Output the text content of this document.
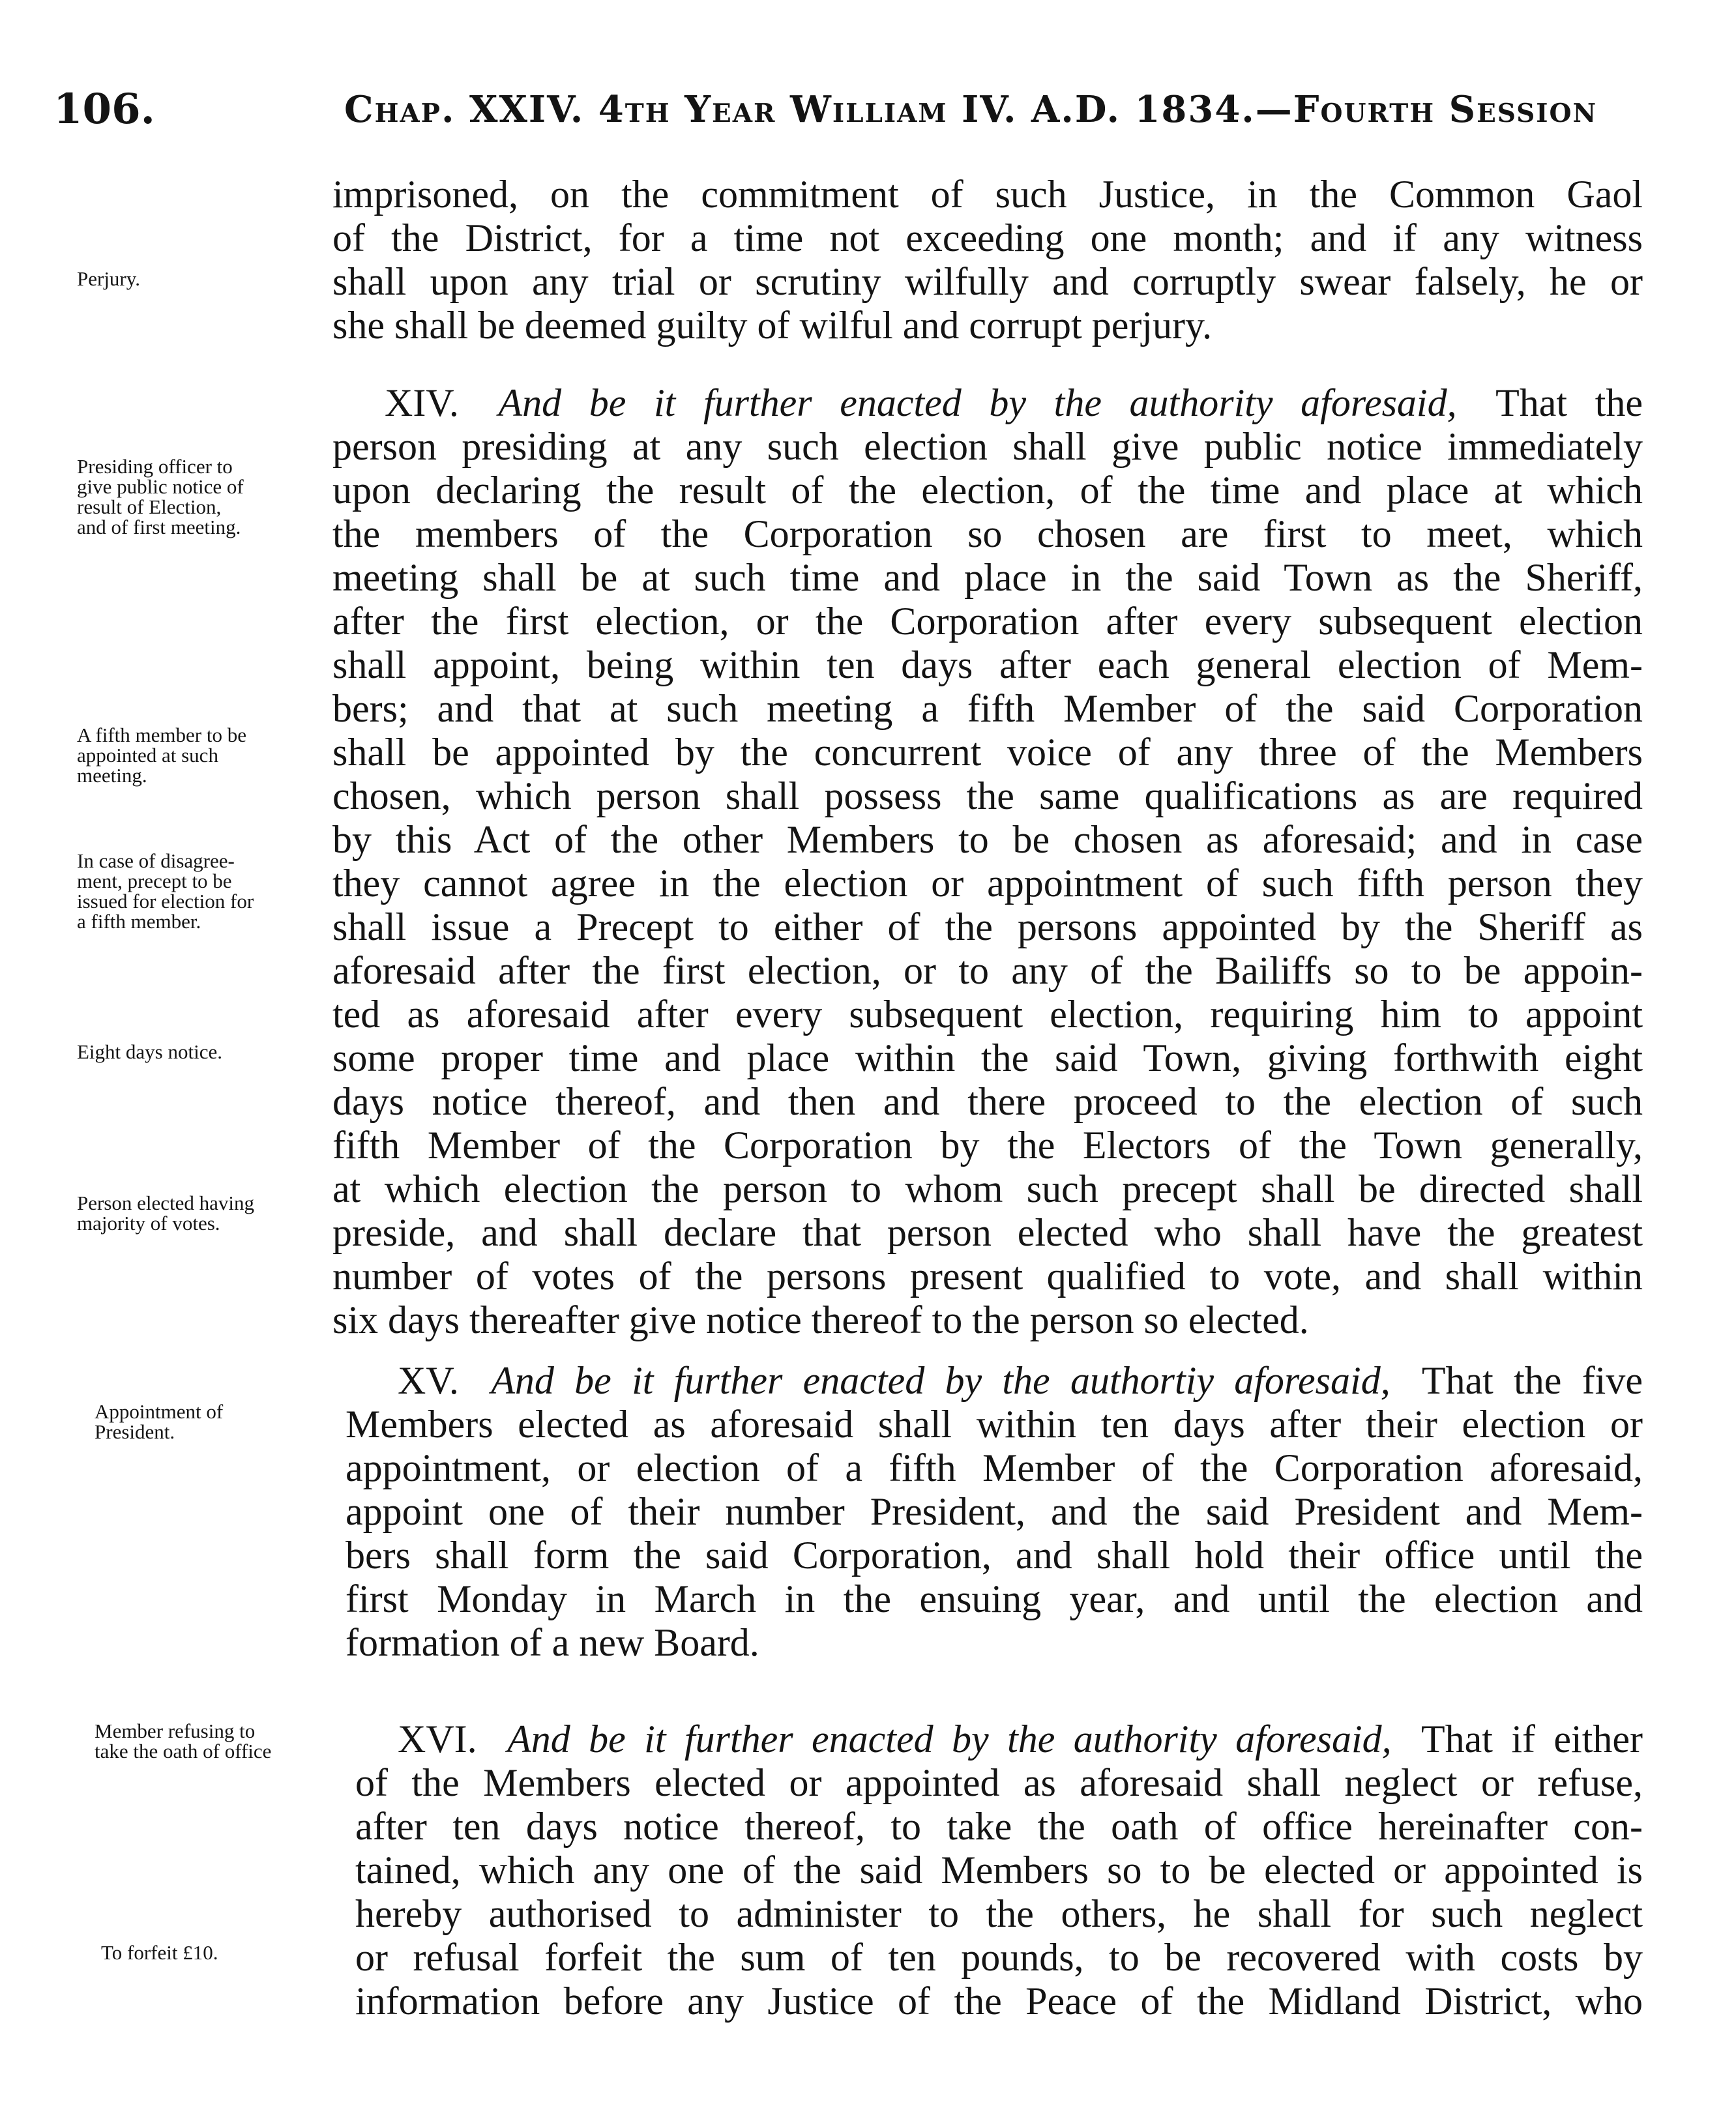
106.	Chap. XXIV. 4th Year William IV. A.D. 1834.—Fourth Session
imprisoned, on the commitment of such Justice, in the Common Gaol
of the District, for a time not exceeding one month; and if any witness
shall upon any trial or scrutiny wilfully and corruptly swear falsely, he or
she shall be deemed guilty of wilful and corrupt perjury.
XIV. And be it further enacted by the authority aforesaid, That the
person presiding at any such election shall give public notice immediately
upon declaring the result of the election, of the time and place at which
the members of the Corporation so chosen are first to meet, which
meeting shall be at such time and place in the said Town as the Sheriff,
after the first election, or the Corporation after every subsequent election
shall appoint, being within ten days after each general election of Mem-
bers; and that at such meeting a fifth Member of the said Corporation
shall be appointed by the concurrent voice of any three of the Members
chosen, which person shall possess the same qualifications as are required
by this Act of the other Members to be chosen as aforesaid; and in case
they cannot agree in the election or appointment of such fifth person they
shall issue a Precept to either of the persons appointed by the Sheriff as
aforesaid after the first election, or to any of the Bailiffs so to be appoin-
ted as aforesaid after every subsequent election, requiring him to appoint
some proper time and place within the said Town, giving forthwith eight
days notice thereof, and then and there proceed to the election of such
fifth Member of the Corporation by the Electors of the Town generally,
at which election the person to whom such precept shall be directed shall
preside, and shall declare that person elected who shall have the greatest
number of votes of the persons present qualified to vote, and shall within
six days thereafter give notice thereof to the person so elected.
XV. And be it further enacted by the authortiy aforesaid, That the five
Members elected as aforesaid shall within ten days after their election or
appointment, or election of a fifth Member of the Corporation aforesaid,
appoint one of their number President, and the said President and Mem-
bers shall form the said Corporation, and shall hold their office until the
first Monday in March in the ensuing year, and until the election and
formation of a new Board.
XVI. And be it further enacted by the authority aforesaid, That if either
of the Members elected or appointed as aforesaid shall neglect or refuse,
after ten days notice thereof, to take the oath of office hereinafter con-
tained, which any one of the said Members so to be elected or appointed is
hereby authorised to administer to the others, he shall for such neglect
or refusal forfeit the sum of ten pounds, to be recovered with costs by
information before any Justice of the Peace of the Midland District, who
Perjury.
Presiding officer to
give public notice of
result of Election,
and of first meeting.
A fifth member to be
appointed at such
meeting.
In case of disagree-
ment, precept to be
issued for election for
a fifth member.
Eight days notice.
Person elected having
majority of votes.
Appointment of
President.
Member refusing to
take the oath of office
To forfeit £10.
